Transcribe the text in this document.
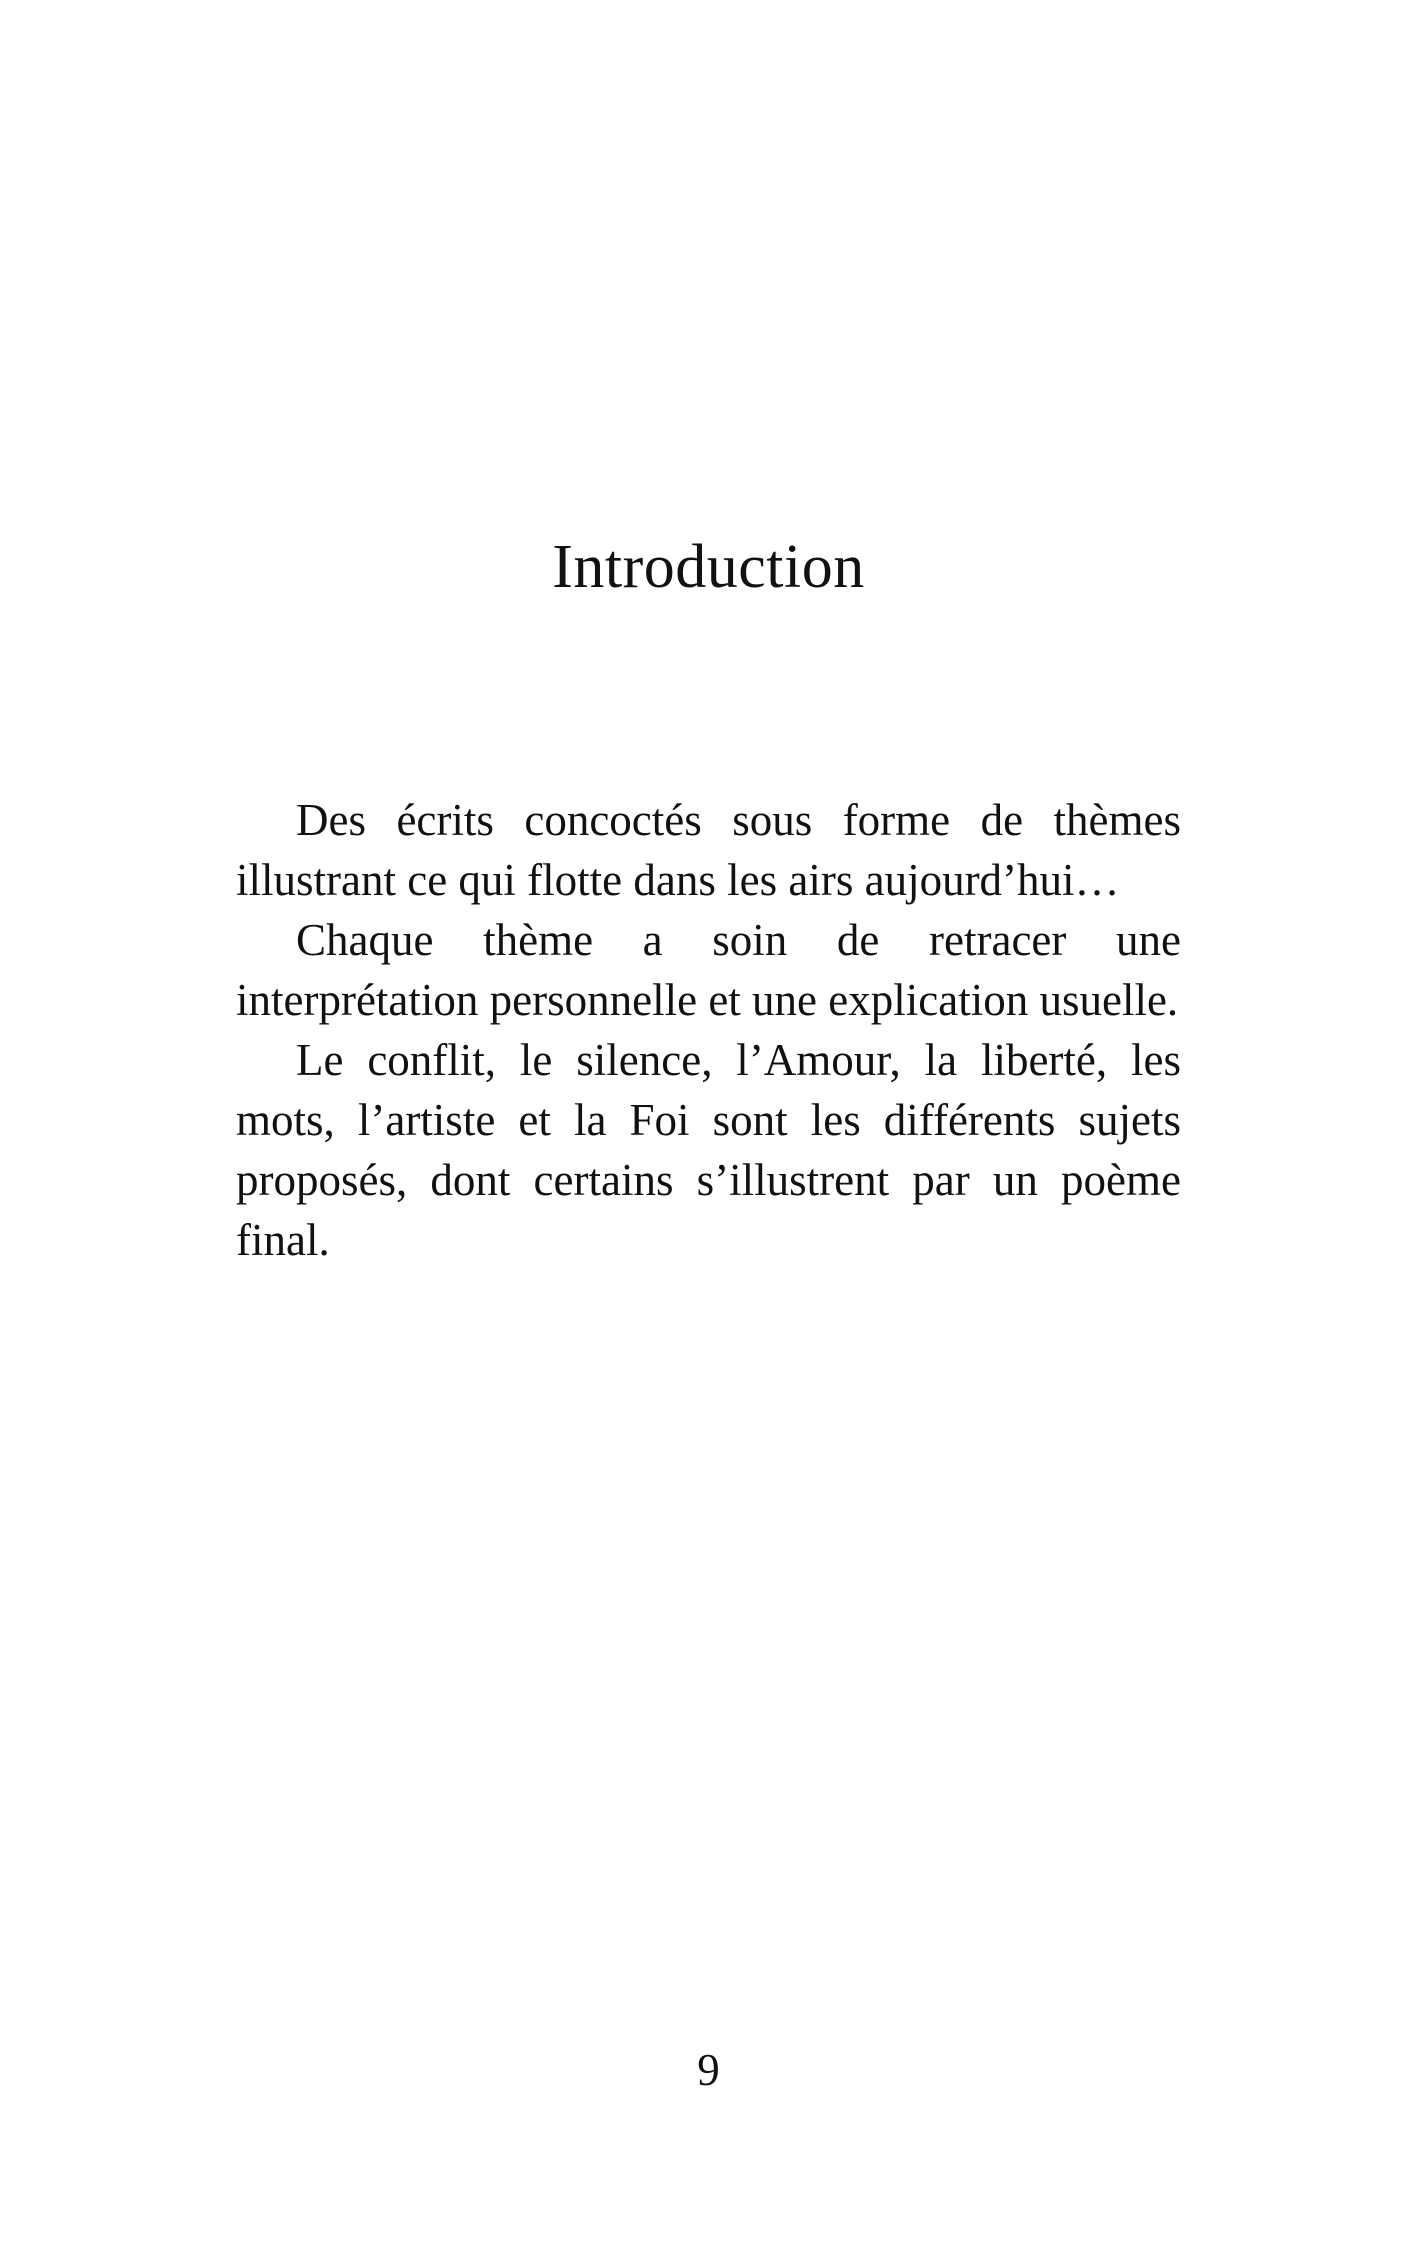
Introduction

Des écrits concoctés sous forme de thèmes illustrant ce qui flotte dans les airs aujourd’hui…

Chaque thème a soin de retracer une interprétation personnelle et une explication usuelle.

Le conflit, le silence, l’Amour, la liberté, les mots, l’artiste et la Foi sont les différents sujets proposés, dont certains s’illustrent par un poème final.

9
